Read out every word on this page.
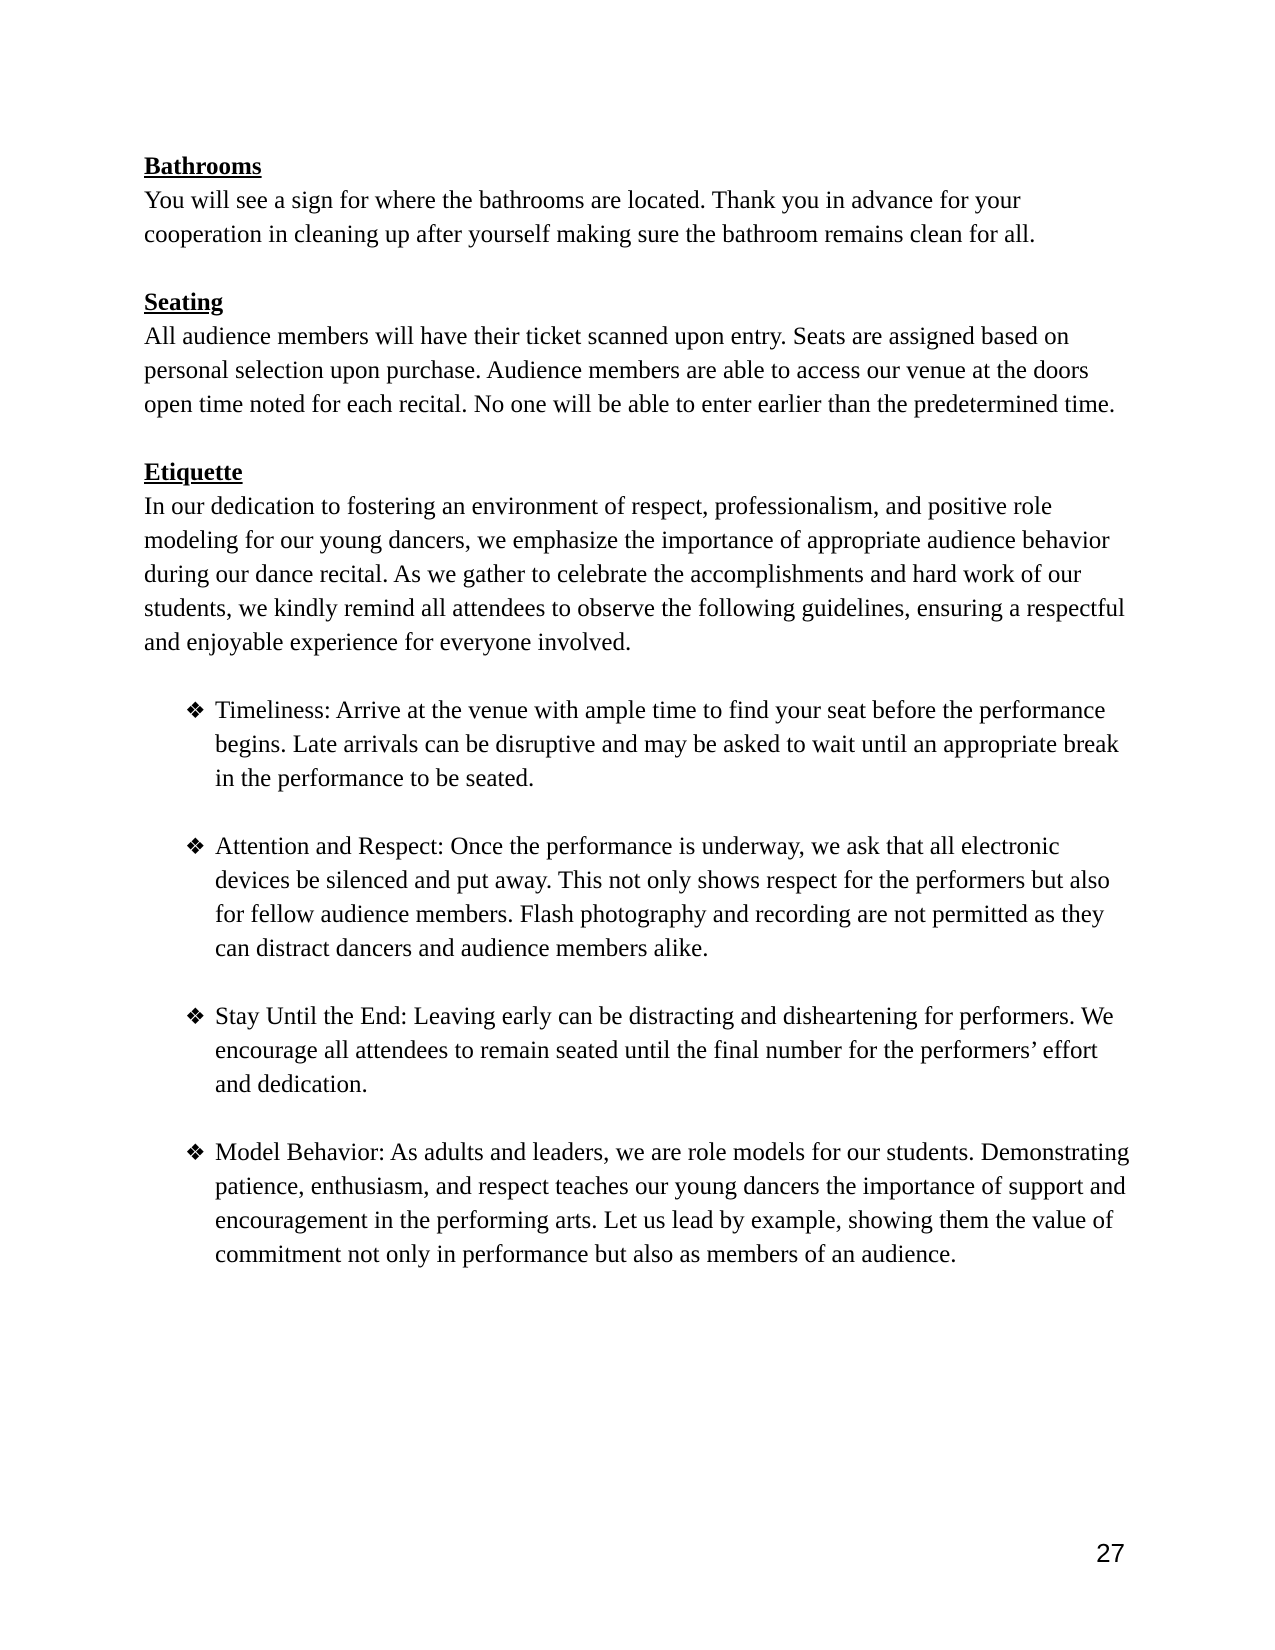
Bathrooms

You will see a sign for where the bathrooms are located. Thank you in advance for your cooperation in cleaning up after yourself making sure the bathroom remains clean for all.

Seating

All audience members will have their ticket scanned upon entry. Seats are assigned based on personal selection upon purchase. Audience members are able to access our venue at the doors open time noted for each recital. No one will be able to enter earlier than the predetermined time.

Etiquette

In our dedication to fostering an environment of respect, professionalism, and positive role modeling for our young dancers, we emphasize the importance of appropriate audience behavior during our dance recital. As we gather to celebrate the accomplishments and hard work of our students, we kindly remind all attendees to observe the following guidelines, ensuring a respectful and enjoyable experience for everyone involved.

❖ Timeliness: Arrive at the venue with ample time to find your seat before the performance begins. Late arrivals can be disruptive and may be asked to wait until an appropriate break in the performance to be seated.
❖ Attention and Respect: Once the performance is underway, we ask that all electronic devices be silenced and put away. This not only shows respect for the performers but also for fellow audience members. Flash photography and recording are not permitted as they can distract dancers and audience members alike.
❖ Stay Until the End: Leaving early can be distracting and disheartening for performers. We encourage all attendees to remain seated until the final number for the performers’ effort and dedication.
❖ Model Behavior: As adults and leaders, we are role models for our students. Demonstrating patience, enthusiasm, and respect teaches our young dancers the importance of support and encouragement in the performing arts. Let us lead by example, showing them the value of commitment not only in performance but also as members of an audience.
27
